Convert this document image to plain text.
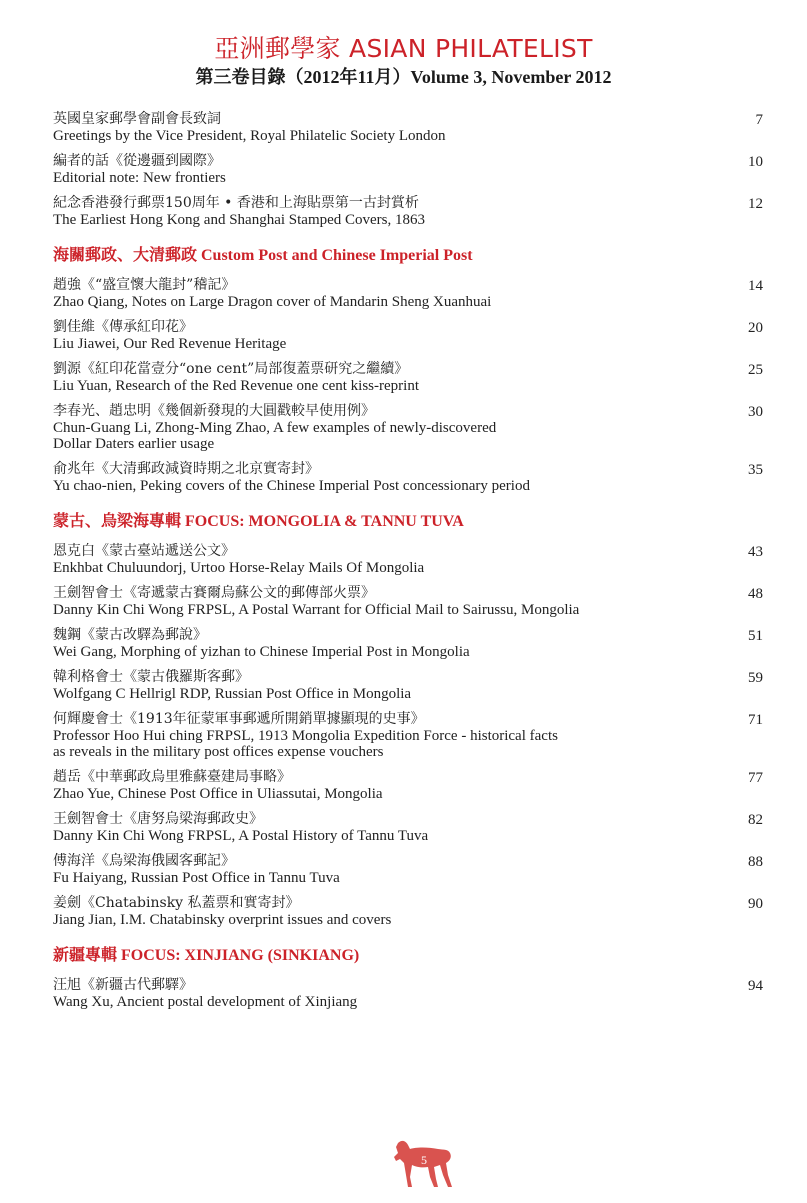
亞洲郵學家 ASIAN PHILATELIST
第三卷目錄（2012年11月）Volume 3, November 2012
英國皇家郵學會副會長致詞
Greetings by the Vice President, Royal Philatelic Society London
7
編者的話《從邊疆到國際》
Editorial note: New frontiers
10
紀念香港發行郵票150周年 • 香港和上海貼票第一古封賞析
The Earliest Hong Kong and Shanghai Stamped Covers, 1863
12
海關郵政、大清郵政 Custom Post and Chinese Imperial Post
趙強《“盛宣懷大龍封”稽記》
Zhao Qiang, Notes on Large Dragon cover of Mandarin Sheng Xuanhuai
14
劉佳維《傳承紅印花》
Liu Jiawei, Our Red Revenue Heritage
20
劉源《紅印花當壹分“one cent”局部復蓋票研究之繼續》
Liu Yuan, Research of the Red Revenue one cent kiss-reprint
25
李春光、趙忠明《幾個新發現的大圓戳較早使用例》
Chun-Guang Li, Zhong-Ming Zhao, A few examples of newly-discovered
Dollar Daters earlier usage
30
俞兆年《大清郵政減資時期之北京實寄封》
Yu chao-nien, Peking covers of the Chinese Imperial Post concessionary period
35
蒙古、烏梁海專輯 FOCUS: MONGOLIA & TANNU TUVA
恩克白《蒙古臺站遞送公文》
Enkhbat Chuluundorj, Urtoo Horse-Relay Mails Of Mongolia
43
王劍智會士《寄遞蒙古賽爾烏蘇公文的郵傳部火票》
Danny Kin Chi Wong FRPSL, A Postal Warrant for Official Mail to Sairussu, Mongolia
48
魏鋼《蒙古改驛為郵說》
Wei Gang, Morphing of yizhan to Chinese Imperial Post in Mongolia
51
韓利格會士《蒙古俄羅斯客郵》
Wolfgang C Hellrigl RDP, Russian Post Office in Mongolia
59
何輝慶會士《1913年征蒙軍事郵遞所開銷單據顯現的史事》
Professor Hoo Hui ching FRPSL, 1913 Mongolia Expedition Force - historical facts
as reveals in the military post offices expense vouchers
71
趙岳《中華郵政烏里雅蘇臺建局事略》
Zhao Yue, Chinese Post Office in Uliassutai, Mongolia
77
王劍智會士《唐努烏梁海郵政史》
Danny Kin Chi Wong FRPSL, A Postal History of Tannu Tuva
82
傅海洋《烏梁海俄國客郵記》
Fu Haiyang, Russian Post Office in Tannu Tuva
88
姜劍《Chatabinsky 私蓋票和實寄封》
Jiang Jian, I.M. Chatabinsky overprint issues and covers
90
新疆專輯 FOCUS: XINJIANG (SINKIANG)
汪旭《新疆古代郵驛》
Wang Xu, Ancient postal development of Xinjiang
94
5
